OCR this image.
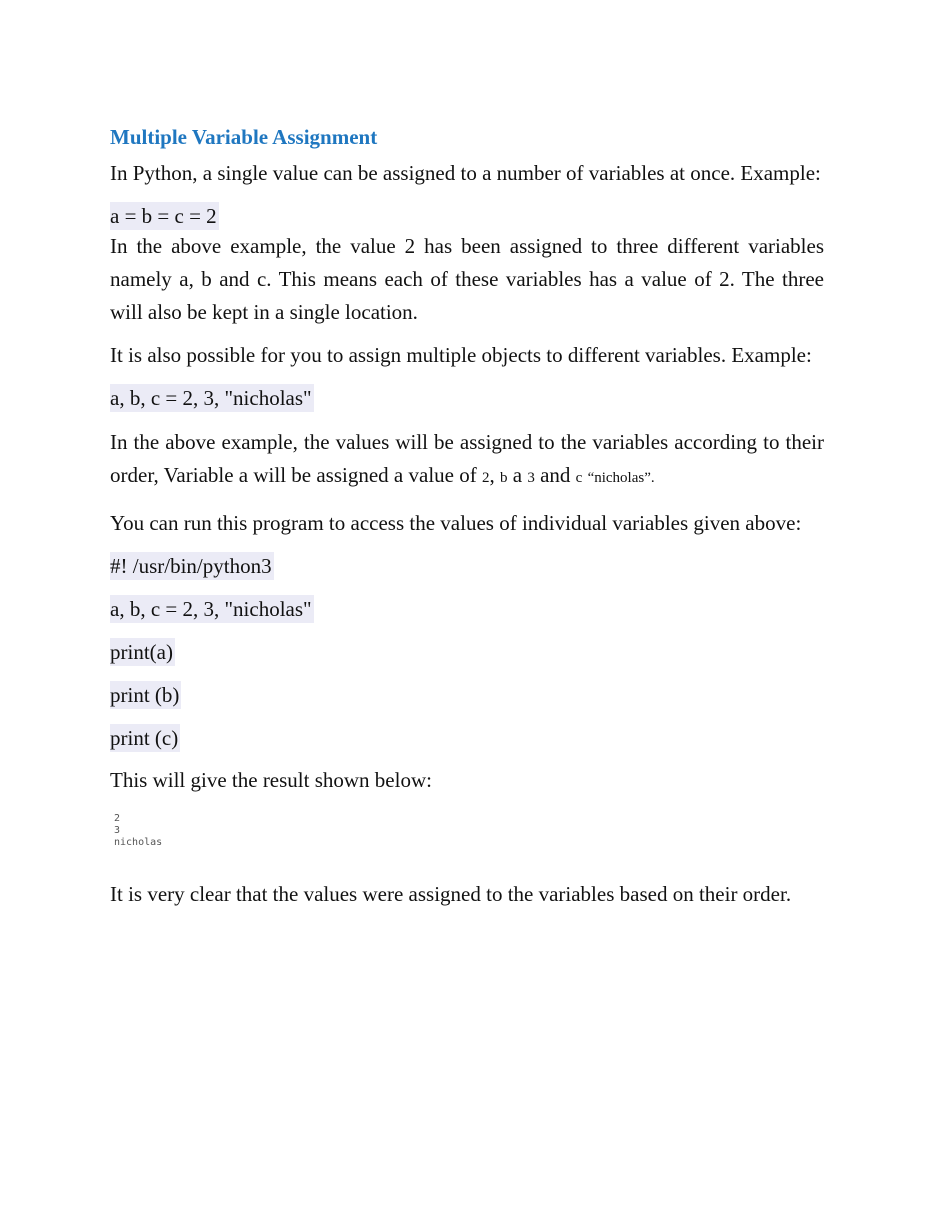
Multiple Variable Assignment

In Python, a single value can be assigned to a number of variables at once. Example:

a = b = c = 2

In the above example, the value 2 has been assigned to three different variables namely a, b and c. This means each of these variables has a value of 2. The three will also be kept in a single location.

It is also possible for you to assign multiple objects to different variables. Example:

a, b, c = 2, 3, "nicholas"

In the above example, the values will be assigned to the variables according to their order, Variable a will be assigned a value of 2, b a 3 and c “nicholas”.

You can run this program to access the values of individual variables given above:

#! /usr/bin/python3
a, b, c = 2, 3, "nicholas"
print(a)
print (b)
print (c)

This will give the result shown below:

2
3
nicholas

It is very clear that the values were assigned to the variables based on their order.
